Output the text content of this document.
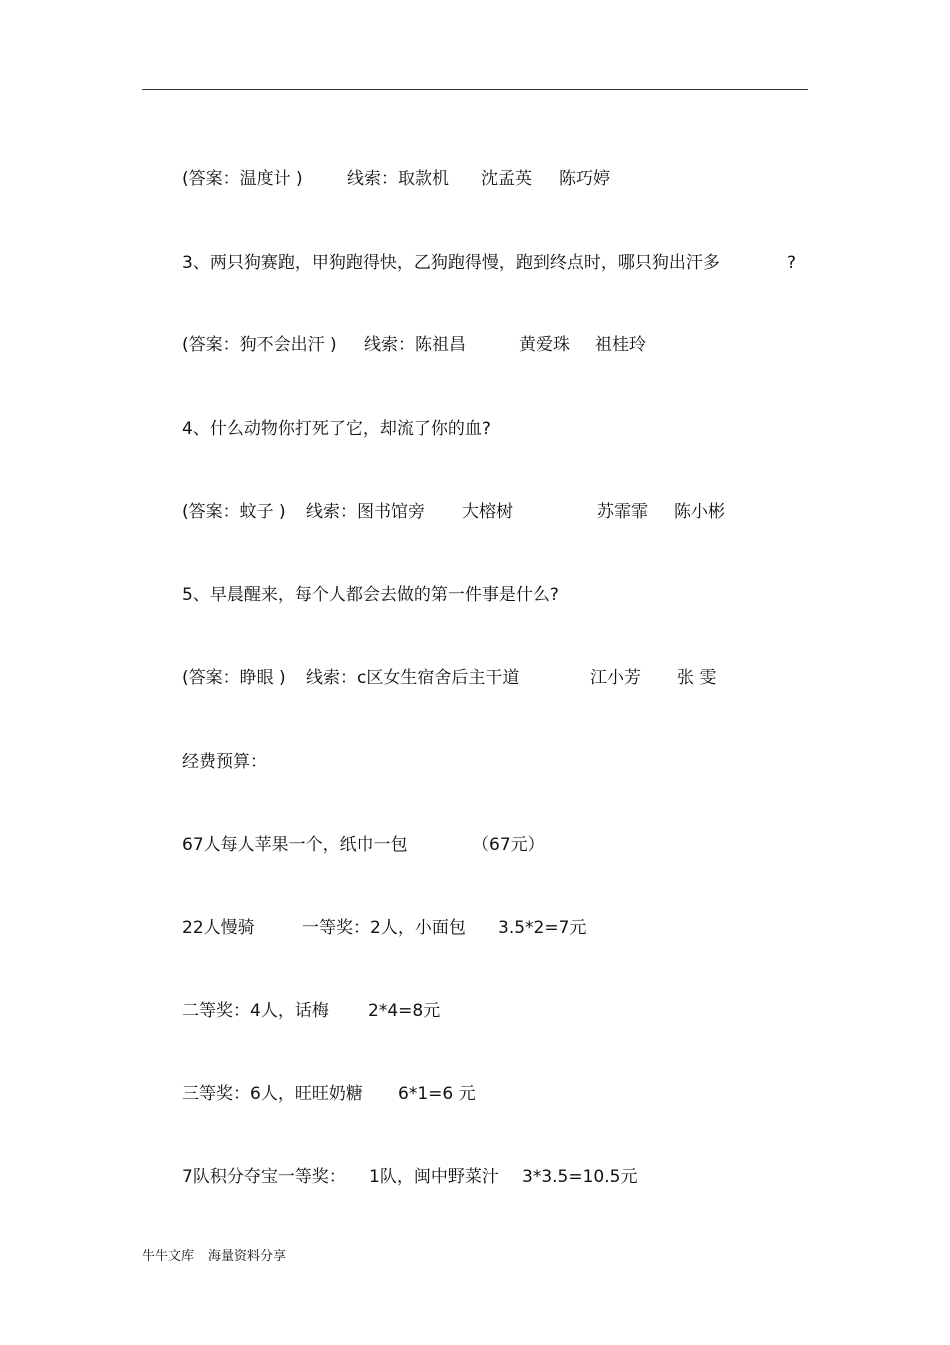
(答案：温度计 )	线索：取款机 沈孟英 陈巧婷
3、两只狗赛跑，甲狗跑得快，乙狗跑得慢，跑到终点时，哪只狗出汗多	?
(答案：狗不会出汗 ) 线索：陈祖昌	黄爱珠 祖桂玲
4、什么动物你打死了它，却流了你的血?
(答案：蚊子 ) 线索：图书馆旁 大榕树	苏霏霏 陈小彬
5、早晨醒来，每个人都会去做的第一件事是什么?
(答案：睁眼 ) 线索：c区女生宿舍后主干道	江小芳 张 雯
经费预算：
67人每人苹果一个，纸巾一包	（67元）
22人慢骑	一等奖：2人，小面包 3.5*2=7元
二等奖：4人，话梅 2*4=8元
三等奖：6人，旺旺奶糖 6*1=6 元
7队积分夺宝一等奖： 1队，闽中野菜汁 3*3.5=10.5元
牛牛文库 海量资料分享
